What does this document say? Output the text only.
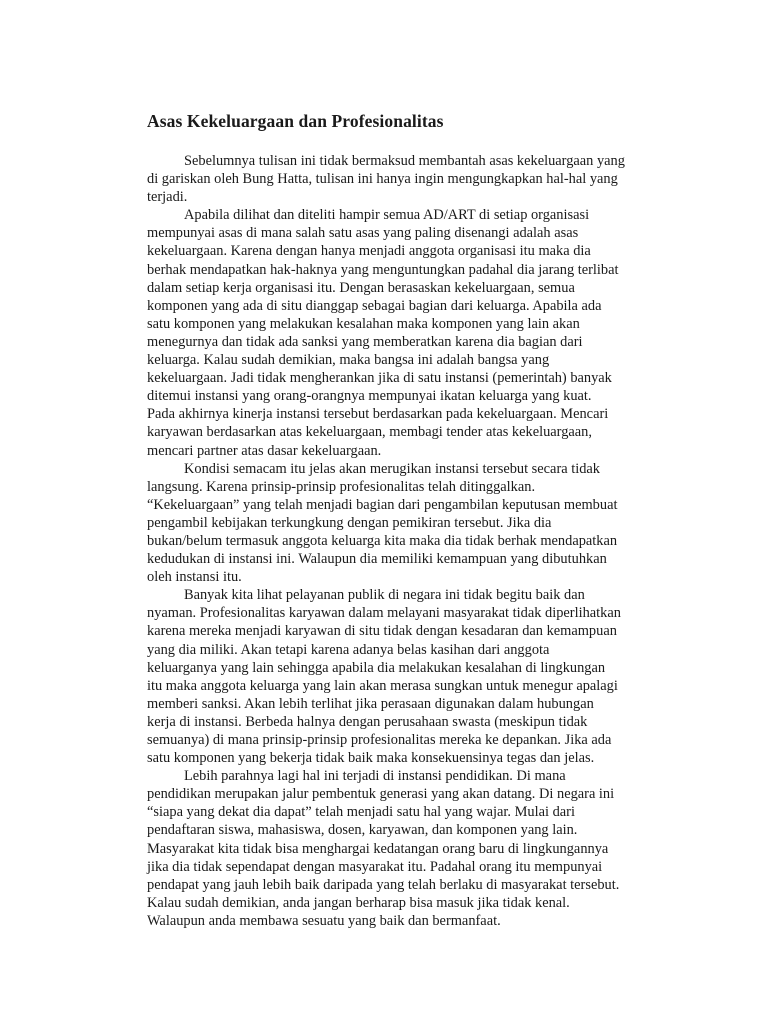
Asas Kekeluargaan dan Profesionalitas

Sebelumnya tulisan ini tidak bermaksud membantah asas kekeluargaan yang
di gariskan oleh Bung Hatta, tulisan ini hanya ingin mengungkapkan hal-hal yang
terjadi.

Apabila dilihat dan diteliti hampir semua AD/ART di setiap organisasi
mempunyai asas di mana salah satu asas yang paling disenangi adalah asas
kekeluargaan. Karena dengan hanya menjadi anggota organisasi itu maka dia
berhak mendapatkan hak-haknya yang menguntungkan padahal dia jarang terlibat
dalam setiap kerja organisasi itu. Dengan berasaskan kekeluargaan, semua
komponen yang ada di situ dianggap sebagai bagian dari keluarga. Apabila ada
satu komponen yang melakukan kesalahan maka komponen yang lain akan
menegurnya dan tidak ada sanksi yang memberatkan karena dia bagian dari
keluarga. Kalau sudah demikian, maka bangsa ini adalah bangsa yang
kekeluargaan. Jadi tidak mengherankan jika di satu instansi (pemerintah) banyak
ditemui instansi yang orang-orangnya mempunyai ikatan keluarga yang kuat.
Pada akhirnya kinerja instansi tersebut berdasarkan pada kekeluargaan. Mencari
karyawan berdasarkan atas kekeluargaan, membagi tender atas kekeluargaan,
mencari partner atas dasar kekeluargaan.

Kondisi semacam itu jelas akan merugikan instansi tersebut secara tidak
langsung. Karena prinsip-prinsip profesionalitas telah ditinggalkan.
“Kekeluargaan” yang telah menjadi bagian dari pengambilan keputusan membuat
pengambil kebijakan terkungkung dengan pemikiran tersebut. Jika dia
bukan/belum termasuk anggota keluarga kita maka dia tidak berhak mendapatkan
kedudukan di instansi ini. Walaupun dia memiliki kemampuan yang dibutuhkan
oleh instansi itu.

Banyak kita lihat pelayanan publik di negara ini tidak begitu baik dan
nyaman. Profesionalitas karyawan dalam melayani masyarakat tidak diperlihatkan
karena mereka menjadi karyawan di situ tidak dengan kesadaran dan kemampuan
yang dia miliki. Akan tetapi karena adanya belas kasihan dari anggota
keluarganya yang lain sehingga apabila dia melakukan kesalahan di lingkungan
itu maka anggota keluarga yang lain akan merasa sungkan untuk menegur apalagi
memberi sanksi. Akan lebih terlihat jika perasaan digunakan dalam hubungan
kerja di instansi. Berbeda halnya dengan perusahaan swasta (meskipun tidak
semuanya) di mana prinsip-prinsip profesionalitas mereka ke depankan. Jika ada
satu komponen yang bekerja tidak baik maka konsekuensinya tegas dan jelas.

Lebih parahnya lagi hal ini terjadi di instansi pendidikan. Di mana
pendidikan merupakan jalur pembentuk generasi yang akan datang. Di negara ini
“siapa yang dekat dia dapat” telah menjadi satu hal yang wajar. Mulai dari
pendaftaran siswa, mahasiswa, dosen, karyawan, dan komponen yang lain.
Masyarakat kita tidak bisa menghargai kedatangan orang baru di lingkungannya
jika dia tidak sependapat dengan masyarakat itu. Padahal orang itu mempunyai
pendapat yang jauh lebih baik daripada yang telah berlaku di masyarakat tersebut.
Kalau sudah demikian, anda jangan berharap bisa masuk jika tidak kenal.
Walaupun anda membawa sesuatu yang baik dan bermanfaat.
